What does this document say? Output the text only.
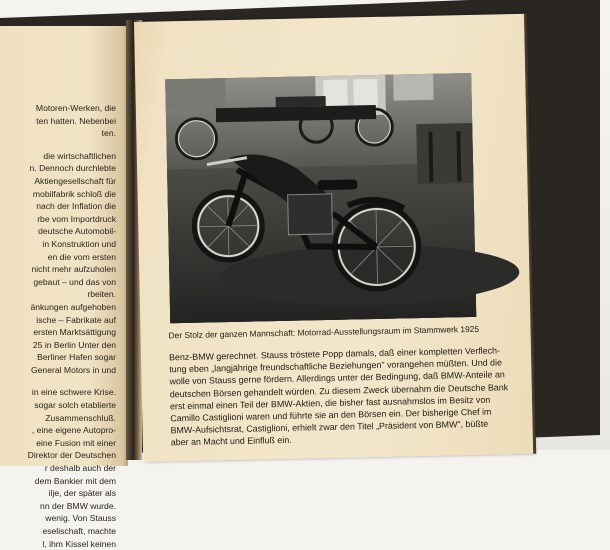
Motoren-Werken, die
ten hatten. Nebenbei
ten.
die wirtschaftlichen
n. Dennoch durchlebte
Aktiengesellschaft für
mobilfabrik schloß die
nach der Inflation die
rbe vom Importdruck
deutsche Automobil-
in Konstruktion und
en die vom ersten
nicht mehr aufzuholen
gebaut – und das von
rbeiten.
änkungen aufgehoben
ische – Fabrikate auf
ersten Marktsättigung
25 in Berlin Unter den
Berliner Hafen sogar
General Motors in und
in eine schwere Krise.
sogar solch etablierte
Zusammenschluß.
, eine eigene Autopro-
eine Fusion mit einer
Direktor der Deutschen
r deshalb auch der
dem Bankier mit dem
ilje, der später als
nn der BMW wurde.
wenig. Von Stauss
eselischaft, machte
l, ihm Kissel keinen
Der Stolz der ganzen Mannschaft: Motorrad-Ausstellungsraum im Stammwerk 1925
Benz-BMW gerechnet. Stauss tröstete Popp damals, daß einer kompletten Verflech-
tung eben „langjährige freundschaftliche Beziehungen" vorangehen müßten. Und die
wolle von Stauss gerne fördern. Allerdings unter der Bedingung, daß BMW-Anteile an
deutschen Börsen gehandelt würden. Zu diesem Zweck übernahm die Deutsche Bank
erst einmal einen Teil der BMW-Aktien, die bisher fast ausnahmslos im Besitz von
Camillo Castiglioni waren und führte sie an den Börsen ein. Der bisherige Chef im
BMW-Aufsichtsrat, Castiglioni, erhielt zwar den Titel „Präsident von BMW", büßte
aber an Macht und Einfluß ein.
